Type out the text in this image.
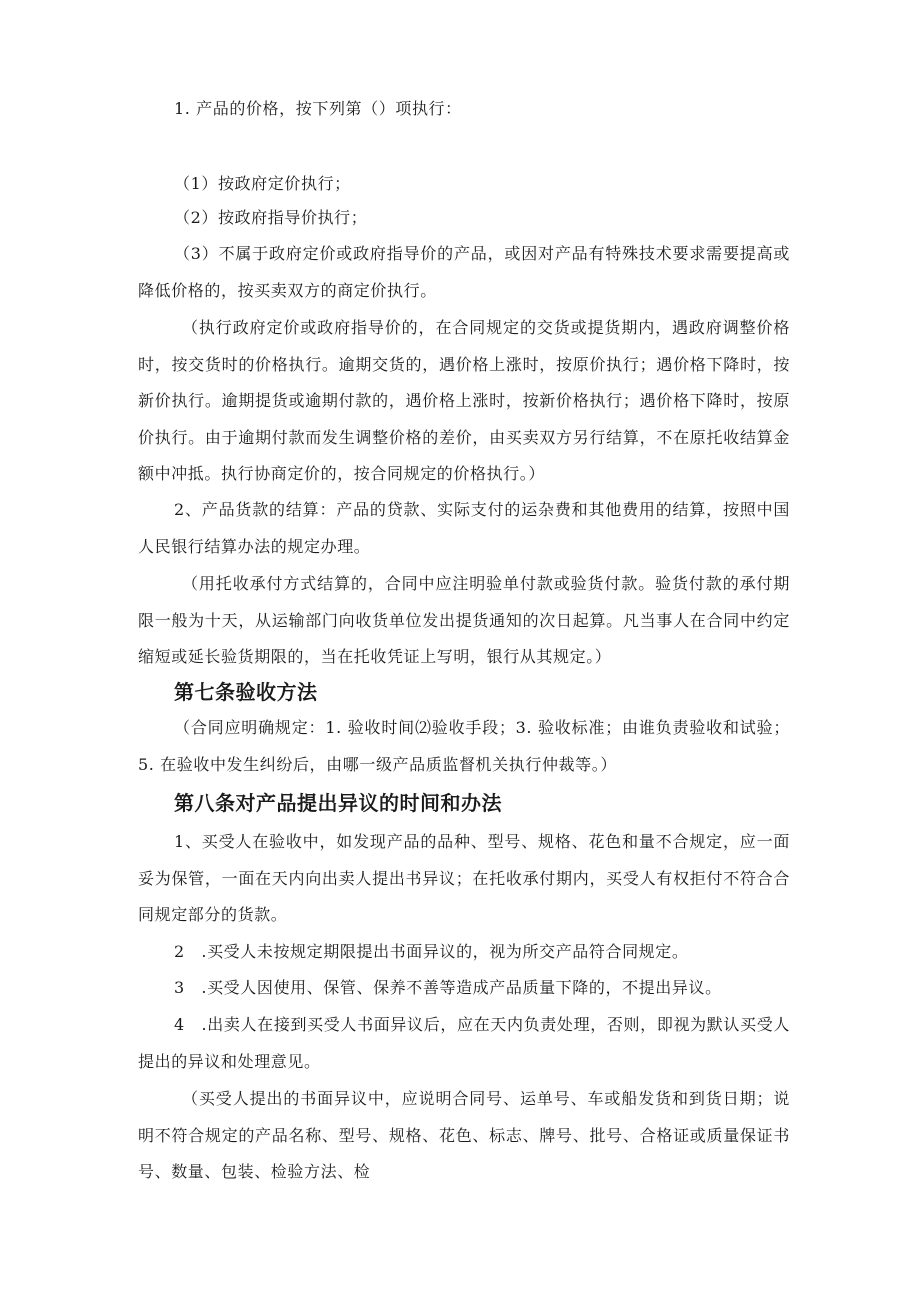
1. 产品的价格，按下列第（）项执行：

（1）按政府定价执行；

（2）按政府指导价执行；

（3）不属于政府定价或政府指导价的产品，或因对产品有特殊技术要求需要提高或降低价格的，按买卖双方的商定价执行。

（执行政府定价或政府指导价的，在合同规定的交货或提货期内，遇政府调整价格时，按交货时的价格执行。逾期交货的，遇价格上涨时，按原价执行；遇价格下降时，按新价执行。逾期提货或逾期付款的，遇价格上涨时，按新价格执行；遇价格下降时，按原价执行。由于逾期付款而发生调整价格的差价，由买卖双方另行结算，不在原托收结算金额中冲抵。执行协商定价的，按合同规定的价格执行。）

2、产品货款的结算：产品的贷款、实际支付的运杂费和其他费用的结算，按照中国人民银行结算办法的规定办理。

（用托收承付方式结算的，合同中应注明验单付款或验货付款。验货付款的承付期限一般为十天，从运输部门向收货单位发出提货通知的次日起算。凡当事人在合同中约定缩短或延长验货期限的，当在托收凭证上写明，银行从其规定。）

第七条验收方法

（合同应明确规定：1. 验收时间⑵验收手段；3. 验收标准；由谁负责验收和试验；5. 在验收中发生纠纷后，由哪一级产品质监督机关执行仲裁等。）

第八条对产品提出异议的时间和办法

1、买受人在验收中，如发现产品的品种、型号、规格、花色和量不合规定，应一面妥为保管，一面在天内向出卖人提出书异议；在托收承付期内，买受人有权拒付不符合合同规定部分的货款。

2　.买受人未按规定期限提出书面异议的，视为所交产品符合同规定。

3　.买受人因使用、保管、保养不善等造成产品质量下降的，不提出异议。

4　.出卖人在接到买受人书面异议后，应在天内负责处理，否则，即视为默认买受人提出的异议和处理意见。

（买受人提出的书面异议中，应说明合同号、运单号、车或船发货和到货日期；说明不符合规定的产品名称、型号、规格、花色、标志、牌号、批号、合格证或质量保证书号、数量、包装、检验方法、检
